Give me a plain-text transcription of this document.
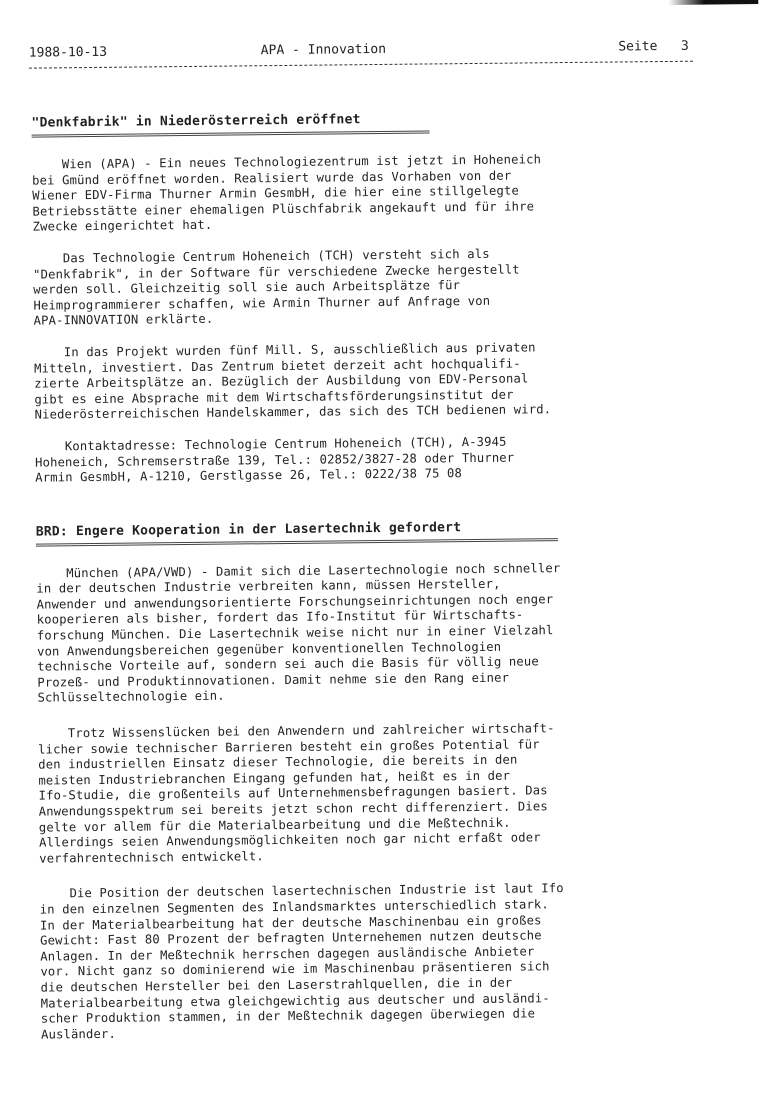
1988-10-13	APA - Innovation	Seite   3
"Denkfabrik" in Niederösterreich eröffnet

Wien (APA) - Ein neues Technologiezentrum ist jetzt in Hoheneich
bei Gmünd eröffnet worden. Realisiert wurde das Vorhaben von der
Wiener EDV-Firma Thurner Armin GesmbH, die hier eine stillgelegte
Betriebsstätte einer ehemaligen Plüschfabrik angekauft und für ihre
Zwecke eingerichtet hat.

Das Technologie Centrum Hoheneich (TCH) versteht sich als
"Denkfabrik", in der Software für verschiedene Zwecke hergestellt
werden soll. Gleichzeitig soll sie auch Arbeitsplätze für
Heimprogrammierer schaffen, wie Armin Thurner auf Anfrage von
APA-INNOVATION erklärte.

In das Projekt wurden fünf Mill. S, ausschließlich aus privaten
Mitteln, investiert. Das Zentrum bietet derzeit acht hochqualifi-
zierte Arbeitsplätze an. Bezüglich der Ausbildung von EDV-Personal
gibt es eine Absprache mit dem Wirtschaftsförderungsinstitut der
Niederösterreichischen Handelskammer, das sich des TCH bedienen wird.

Kontaktadresse: Technologie Centrum Hoheneich (TCH), A-3945
Hoheneich, Schremserstraße 139, Tel.: 02852/3827-28 oder Thurner
Armin GesmbH, A-1210, Gerstlgasse 26, Tel.: 0222/38 75 08

BRD: Engere Kooperation in der Lasertechnik gefordert

München (APA/VWD) - Damit sich die Lasertechnologie noch schneller
in der deutschen Industrie verbreiten kann, müssen Hersteller,
Anwender und anwendungsorientierte Forschungseinrichtungen noch enger
kooperieren als bisher, fordert das Ifo-Institut für Wirtschafts-
forschung München. Die Lasertechnik weise nicht nur in einer Vielzahl
von Anwendungsbereichen gegenüber konventionellen Technologien
technische Vorteile auf, sondern sei auch die Basis für völlig neue
Prozeß- und Produktinnovationen. Damit nehme sie den Rang einer
Schlüsseltechnologie ein.

Trotz Wissenslücken bei den Anwendern und zahlreicher wirtschaft-
licher sowie technischer Barrieren besteht ein großes Potential für
den industriellen Einsatz dieser Technologie, die bereits in den
meisten Industriebranchen Eingang gefunden hat, heißt es in der
Ifo-Studie, die großenteils auf Unternehmensbefragungen basiert. Das
Anwendungsspektrum sei bereits jetzt schon recht differenziert. Dies
gelte vor allem für die Materialbearbeitung und die Meßtechnik.
Allerdings seien Anwendungsmöglichkeiten noch gar nicht erfaßt oder
verfahrentechnisch entwickelt.

Die Position der deutschen lasertechnischen Industrie ist laut Ifo
in den einzelnen Segmenten des Inlandsmarktes unterschiedlich stark.
In der Materialbearbeitung hat der deutsche Maschinenbau ein großes
Gewicht: Fast 80 Prozent der befragten Unternehemen nutzen deutsche
Anlagen. In der Meßtechnik herrschen dagegen ausländische Anbieter
vor. Nicht ganz so dominierend wie im Maschinenbau präsentieren sich
die deutschen Hersteller bei den Laserstrahlquellen, die in der
Materialbearbeitung etwa gleichgewichtig aus deutscher und ausländi-
scher Produktion stammen, in der Meßtechnik dagegen überwiegen die
Ausländer.
